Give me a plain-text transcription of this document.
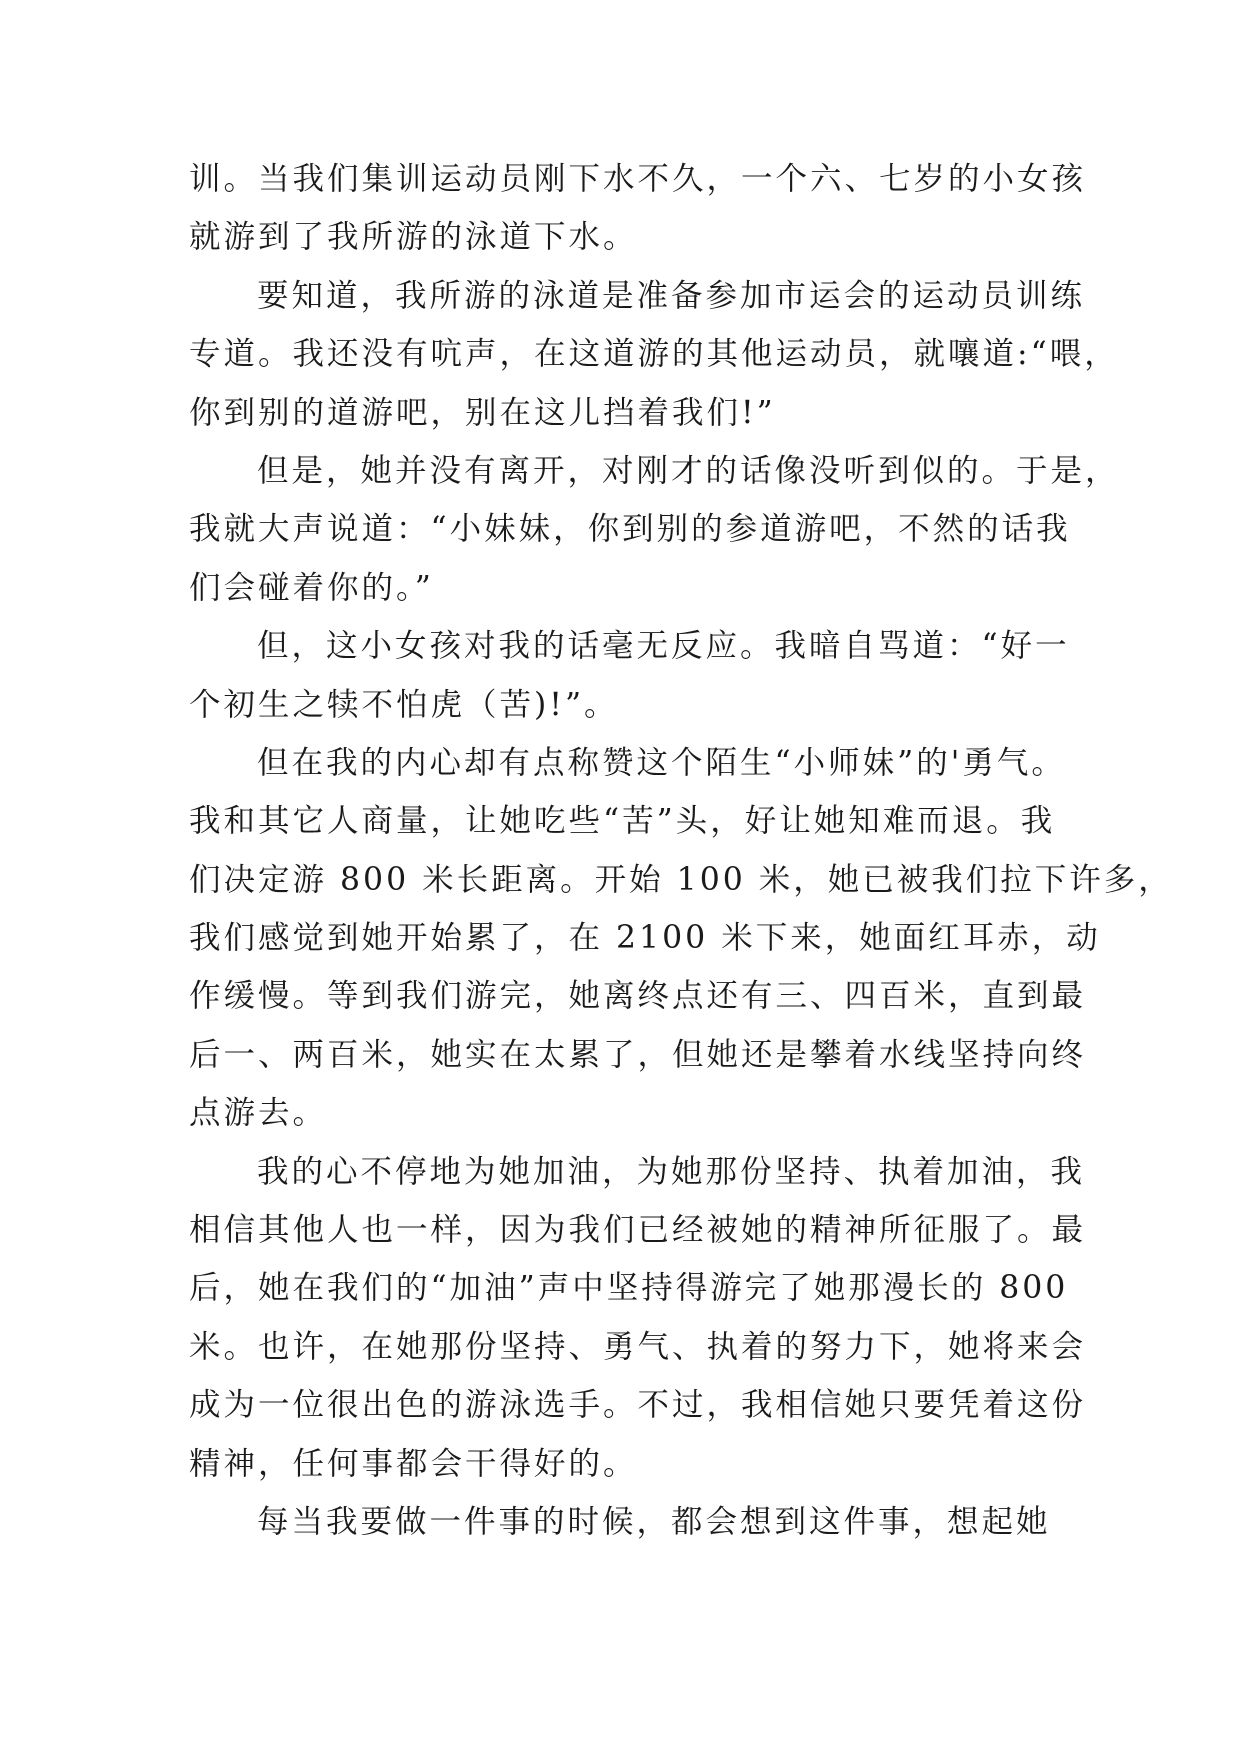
训。当我们集训运动员刚下水不久，一个六、七岁的小女孩
就游到了我所游的泳道下水。
要知道，我所游的泳道是准备参加市运会的运动员训练
专道。我还没有吭声，在这道游的其他运动员，就嚷道:“喂，
你到别的道游吧，别在这儿挡着我们!”
但是，她并没有离开，对刚才的话像没听到似的。于是，
我就大声说道：“小妹妹，你到别的参道游吧，不然的话我
们会碰着你的。”
但，这小女孩对我的话毫无反应。我暗自骂道：“好一
个初生之犊不怕虎（苦)!”。
但在我的内心却有点称赞这个陌生“小师妹”的'勇气。
我和其它人商量，让她吃些“苦”头，好让她知难而退。我
们决定游 800 米长距离。开始 100 米，她已被我们拉下许多，
我们感觉到她开始累了，在 2100 米下来，她面红耳赤，动
作缓慢。等到我们游完，她离终点还有三、四百米，直到最
后一、两百米，她实在太累了，但她还是攀着水线坚持向终
点游去。
我的心不停地为她加油，为她那份坚持、执着加油，我
相信其他人也一样，因为我们已经被她的精神所征服了。最
后，她在我们的“加油”声中坚持得游完了她那漫长的 800
米。也许，在她那份坚持、勇气、执着的努力下，她将来会
成为一位很出色的游泳选手。不过，我相信她只要凭着这份
精神，任何事都会干得好的。
每当我要做一件事的时候，都会想到这件事，想起她
